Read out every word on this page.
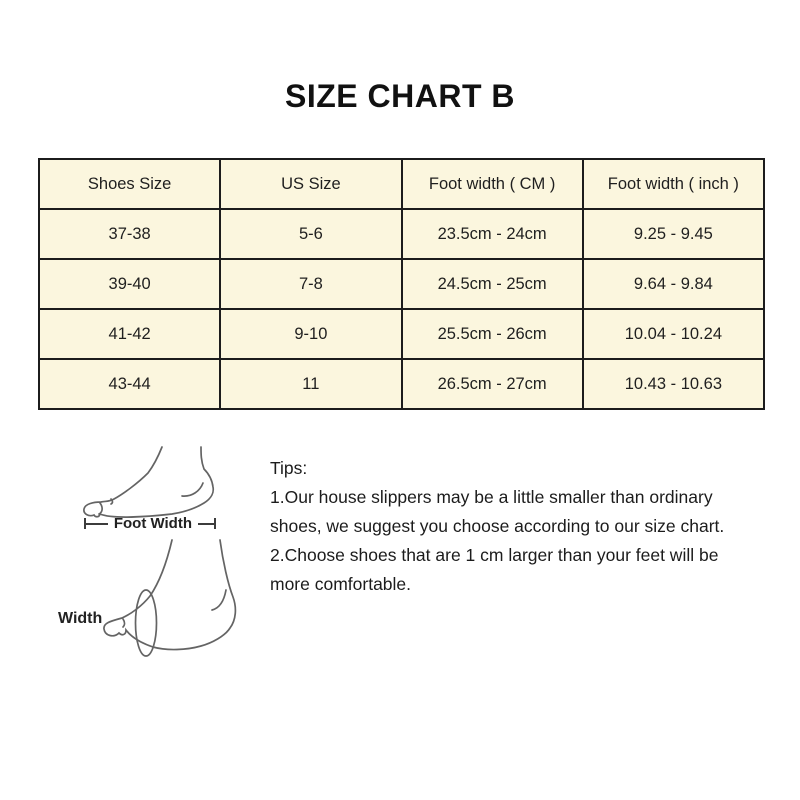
SIZE CHART B
Shoes Size	US Size	Foot width ( CM )	Foot width ( inch )
37-38	5-6	23.5cm - 24cm	9.25 - 9.45
39-40	7-8	24.5cm - 25cm	9.64 - 9.84
41-42	9-10	25.5cm - 26cm	10.04 - 10.24
43-44	11	26.5cm - 27cm	10.43 - 10.63
Foot Width
Width
Tips:
1.Our house slippers may be a little smaller than ordinary
shoes, we suggest you choose according to our size chart.
2.Choose shoes that are 1 cm larger than your feet will be
more comfortable.
